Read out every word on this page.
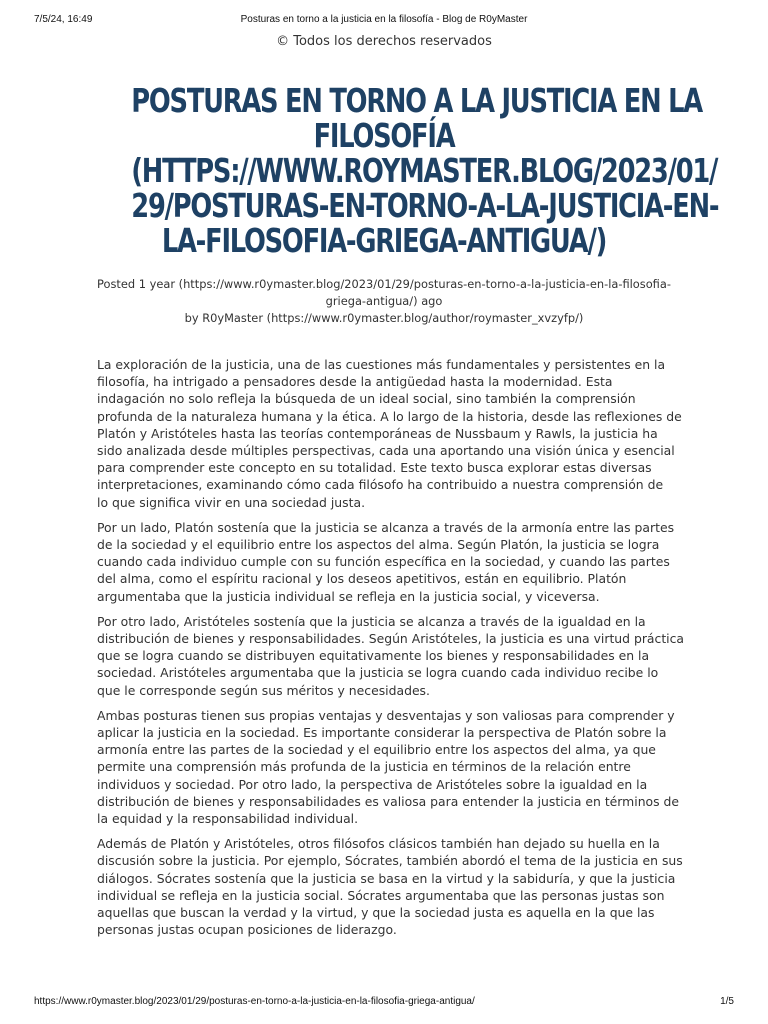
7/5/24, 16:49	Posturas en torno a la justicia en la filosofía - Blog de R0yMaster
© Todos los derechos reservados
POSTURAS EN TORNO A LA JUSTICIA EN LA
FILOSOFÍA
(HTTPS://WWW.ROYMASTER.BLOG/2023/01/
29/POSTURAS-EN-TORNO-A-LA-JUSTICIA-EN-
LA-FILOSOFIA-GRIEGA-ANTIGUA/)
Posted 1 year (https://www.r0ymaster.blog/2023/01/29/posturas-en-torno-a-la-justicia-en-la-filosofia-
griega-antigua/) ago
by R0yMaster (https://www.r0ymaster.blog/author/roymaster_xvzyfp/)

La exploración de la justicia, una de las cuestiones más fundamentales y persistentes en la
filosofía, ha intrigado a pensadores desde la antigüedad hasta la modernidad. Esta
indagación no solo refleja la búsqueda de un ideal social, sino también la comprensión
profunda de la naturaleza humana y la ética. A lo largo de la historia, desde las reflexiones de
Platón y Aristóteles hasta las teorías contemporáneas de Nussbaum y Rawls, la justicia ha
sido analizada desde múltiples perspectivas, cada una aportando una visión única y esencial
para comprender este concepto en su totalidad. Este texto busca explorar estas diversas
interpretaciones, examinando cómo cada filósofo ha contribuido a nuestra comprensión de
lo que significa vivir en una sociedad justa.

Por un lado, Platón sostenía que la justicia se alcanza a través de la armonía entre las partes
de la sociedad y el equilibrio entre los aspectos del alma. Según Platón, la justicia se logra
cuando cada individuo cumple con su función específica en la sociedad, y cuando las partes
del alma, como el espíritu racional y los deseos apetitivos, están en equilibrio. Platón
argumentaba que la justicia individual se refleja en la justicia social, y viceversa.

Por otro lado, Aristóteles sostenía que la justicia se alcanza a través de la igualdad en la
distribución de bienes y responsabilidades. Según Aristóteles, la justicia es una virtud práctica
que se logra cuando se distribuyen equitativamente los bienes y responsabilidades en la
sociedad. Aristóteles argumentaba que la justicia se logra cuando cada individuo recibe lo
que le corresponde según sus méritos y necesidades.

Ambas posturas tienen sus propias ventajas y desventajas y son valiosas para comprender y
aplicar la justicia en la sociedad. Es importante considerar la perspectiva de Platón sobre la
armonía entre las partes de la sociedad y el equilibrio entre los aspectos del alma, ya que
permite una comprensión más profunda de la justicia en términos de la relación entre
individuos y sociedad. Por otro lado, la perspectiva de Aristóteles sobre la igualdad en la
distribución de bienes y responsabilidades es valiosa para entender la justicia en términos de
la equidad y la responsabilidad individual.

Además de Platón y Aristóteles, otros filósofos clásicos también han dejado su huella en la
discusión sobre la justicia. Por ejemplo, Sócrates, también abordó el tema de la justicia en sus
diálogos. Sócrates sostenía que la justicia se basa en la virtud y la sabiduría, y que la justicia
individual se refleja en la justicia social. Sócrates argumentaba que las personas justas son
aquellas que buscan la verdad y la virtud, y que la sociedad justa es aquella en la que las
personas justas ocupan posiciones de liderazgo.

https://www.r0ymaster.blog/2023/01/29/posturas-en-torno-a-la-justicia-en-la-filosofia-griega-antigua/	1/5
